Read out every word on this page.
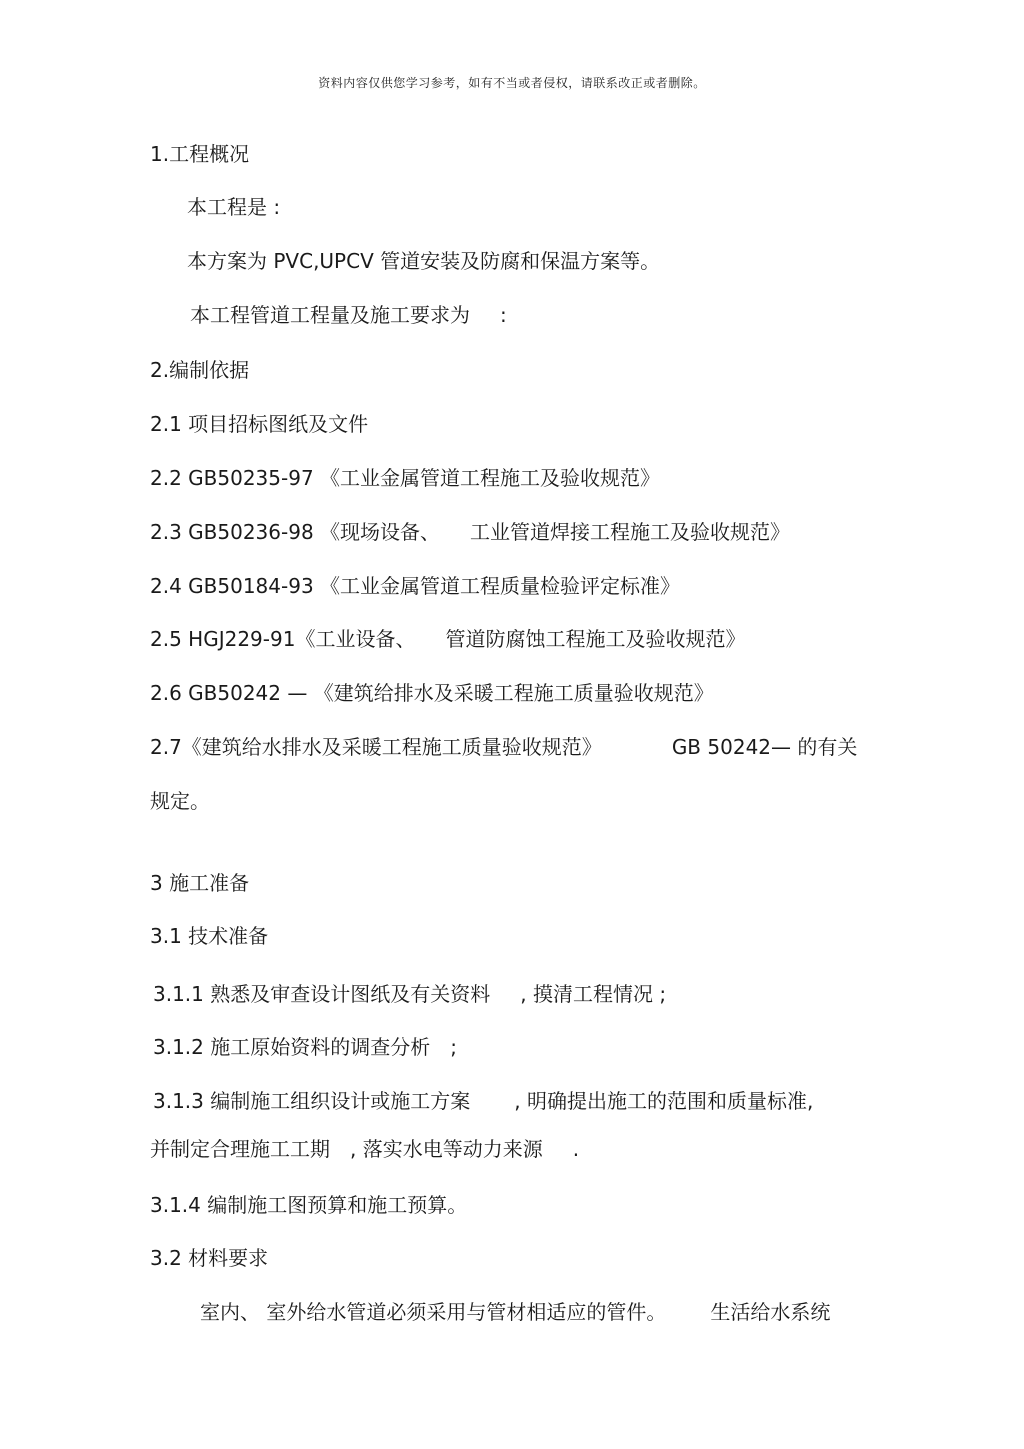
资料内容仅供您学习参考，如有不当或者侵权，请联系改正或者删除。
1.工程概况
本工程是 :
本方案为 PVC,UPCV 管道安装及防腐和保温方案等。
本工程管道工程量及施工要求为 :
2.编制依据
2.1 项目招标图纸及文件
2.2 GB50235-97 《工业金属管道工程施工及验收规范》
2.3 GB50236-98 《现场设备、 工业管道焊接工程施工及验收规范》
2.4 GB50184-93 《工业金属管道工程质量检验评定标准》
2.5 HGJ229-91《工业设备、 管道防腐蚀工程施工及验收规范》
2.6 GB50242 — 《建筑给排水及采暖工程施工质量验收规范》
2.7《建筑给水排水及采暖工程施工质量验收规范》	GB 50242— 的有关
规定。
3 施工准备
3.1 技术准备
3.1.1 熟悉及审查设计图纸及有关资料 , 摸清工程情况 ;
3.1.2 施工原始资料的调查分析 ;
3.1.3 编制施工组织设计或施工方案 , 明确提出施工的范围和质量标准,
并制定合理施工工期 , 落实水电等动力来源 .
3.1.4 编制施工图预算和施工预算。
3.2 材料要求
室内、 室外给水管道必须采用与管材相适应的管件。 生活给水系统
